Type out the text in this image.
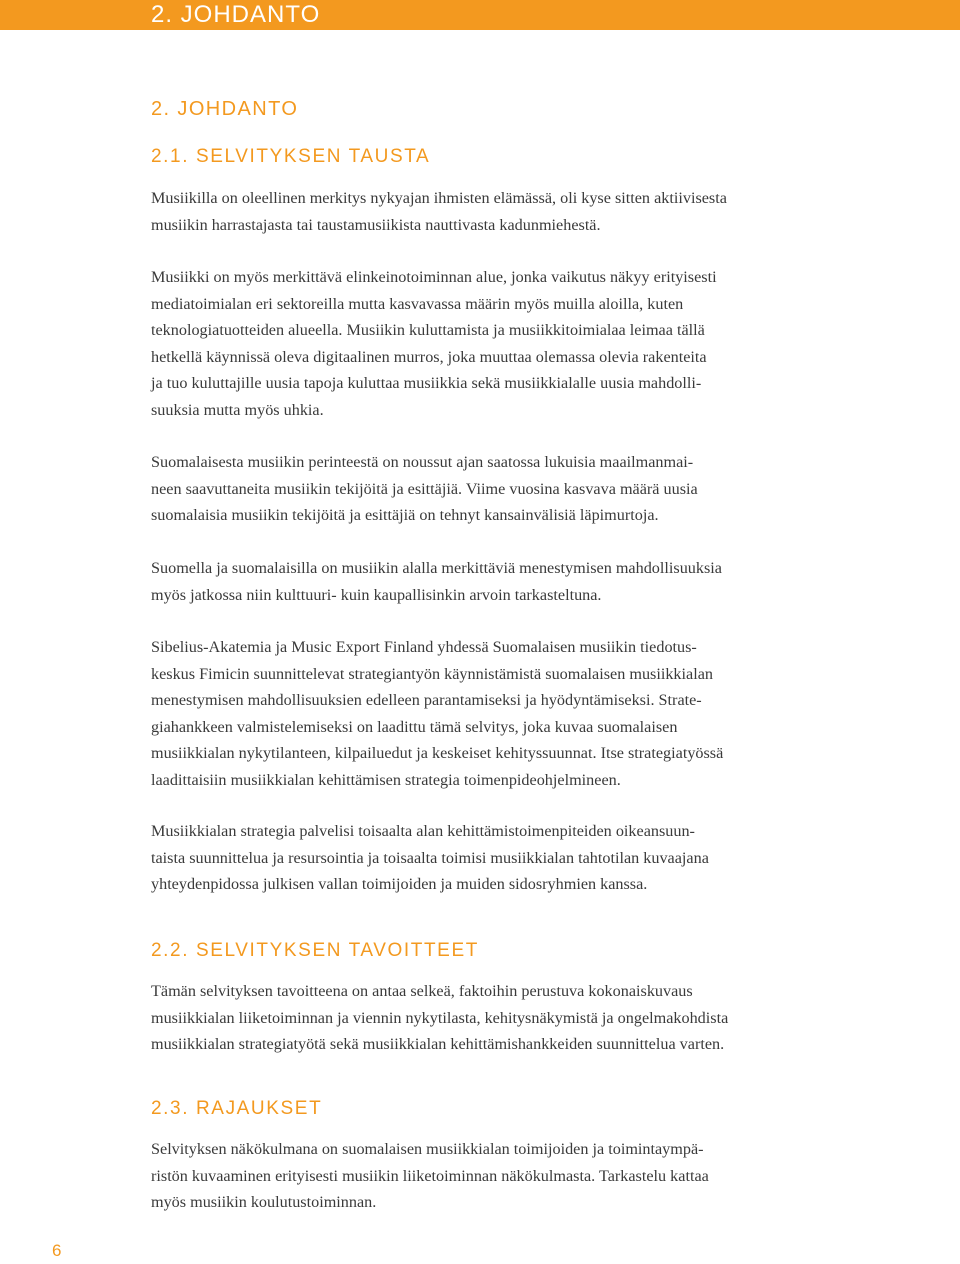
2. JOHDANTO

2. JOHDANTO
2.1. SELVITYKSEN TAUSTA

Musiikilla on oleellinen merkitys nykyajan ihmisten elämässä, oli kyse sitten aktiivisesta
musiikin harrastajasta tai taustamusiikista nauttivasta kadunmiehestä.

Musiikki on myös merkittävä elinkeinotoiminnan alue, jonka vaikutus näkyy erityisesti
mediatoimialan eri sektoreilla mutta kasvavassa määrin myös muilla aloilla, kuten
teknologiatuotteiden alueella. Musiikin kuluttamista ja musiikkitoimialaa leimaa tällä
hetkellä käynnissä oleva digitaalinen murros, joka muuttaa olemassa olevia rakenteita
ja tuo kuluttajille uusia tapoja kuluttaa musiikkia sekä musiikkialalle uusia mahdolli-
suuksia mutta myös uhkia.

Suomalaisesta musiikin perinteestä on noussut ajan saatossa lukuisia maailmanmai-
neen saavuttaneita musiikin tekijöitä ja esittäjiä. Viime vuosina kasvava määrä uusia
suomalaisia musiikin tekijöitä ja esittäjiä on tehnyt kansainvälisiä läpimurtoja.

Suomella ja suomalaisilla on musiikin alalla merkittäviä menestymisen mahdollisuuksia
myös jatkossa niin kulttuuri- kuin kaupallisinkin arvoin tarkasteltuna.

Sibelius-Akatemia ja Music Export Finland yhdessä Suomalaisen musiikin tiedotus-
keskus Fimicin suunnittelevat strategiantyön käynnistämistä suomalaisen musiikkialan
menestymisen mahdollisuuksien edelleen parantamiseksi ja hyödyntämiseksi. Strate-
giahankkeen valmistelemiseksi on laadittu tämä selvitys, joka kuvaa suomalaisen
musiikkialan nykytilanteen, kilpailuedut ja keskeiset kehityssuunnat. Itse strategiatyössä
laadittaisiin musiikkialan kehittämisen strategia toimenpideohjelmineen.

Musiikkialan strategia palvelisi toisaalta alan kehittämistoimenpiteiden oikeansuun-
taista suunnittelua ja resursointia ja toisaalta toimisi musiikkialan tahtotilan kuvaajana
yhteydenpidossa julkisen vallan toimijoiden ja muiden sidosryhmien kanssa.

2.2. SELVITYKSEN TAVOITTEET

Tämän selvityksen tavoitteena on antaa selkeä, faktoihin perustuva kokonaiskuvaus
musiikkialan liiketoiminnan ja viennin nykytilasta, kehitysnäkymistä ja ongelmakohdista
musiikkialan strategiatyötä sekä musiikkialan kehittämishankkeiden suunnittelua varten.

2.3. RAJAUKSET

Selvityksen näkökulmana on suomalaisen musiikkialan toimijoiden ja toimintaympä-
ristön kuvaaminen erityisesti musiikin liiketoiminnan näkökulmasta. Tarkastelu kattaa
myös musiikin koulutustoiminnan.

6
